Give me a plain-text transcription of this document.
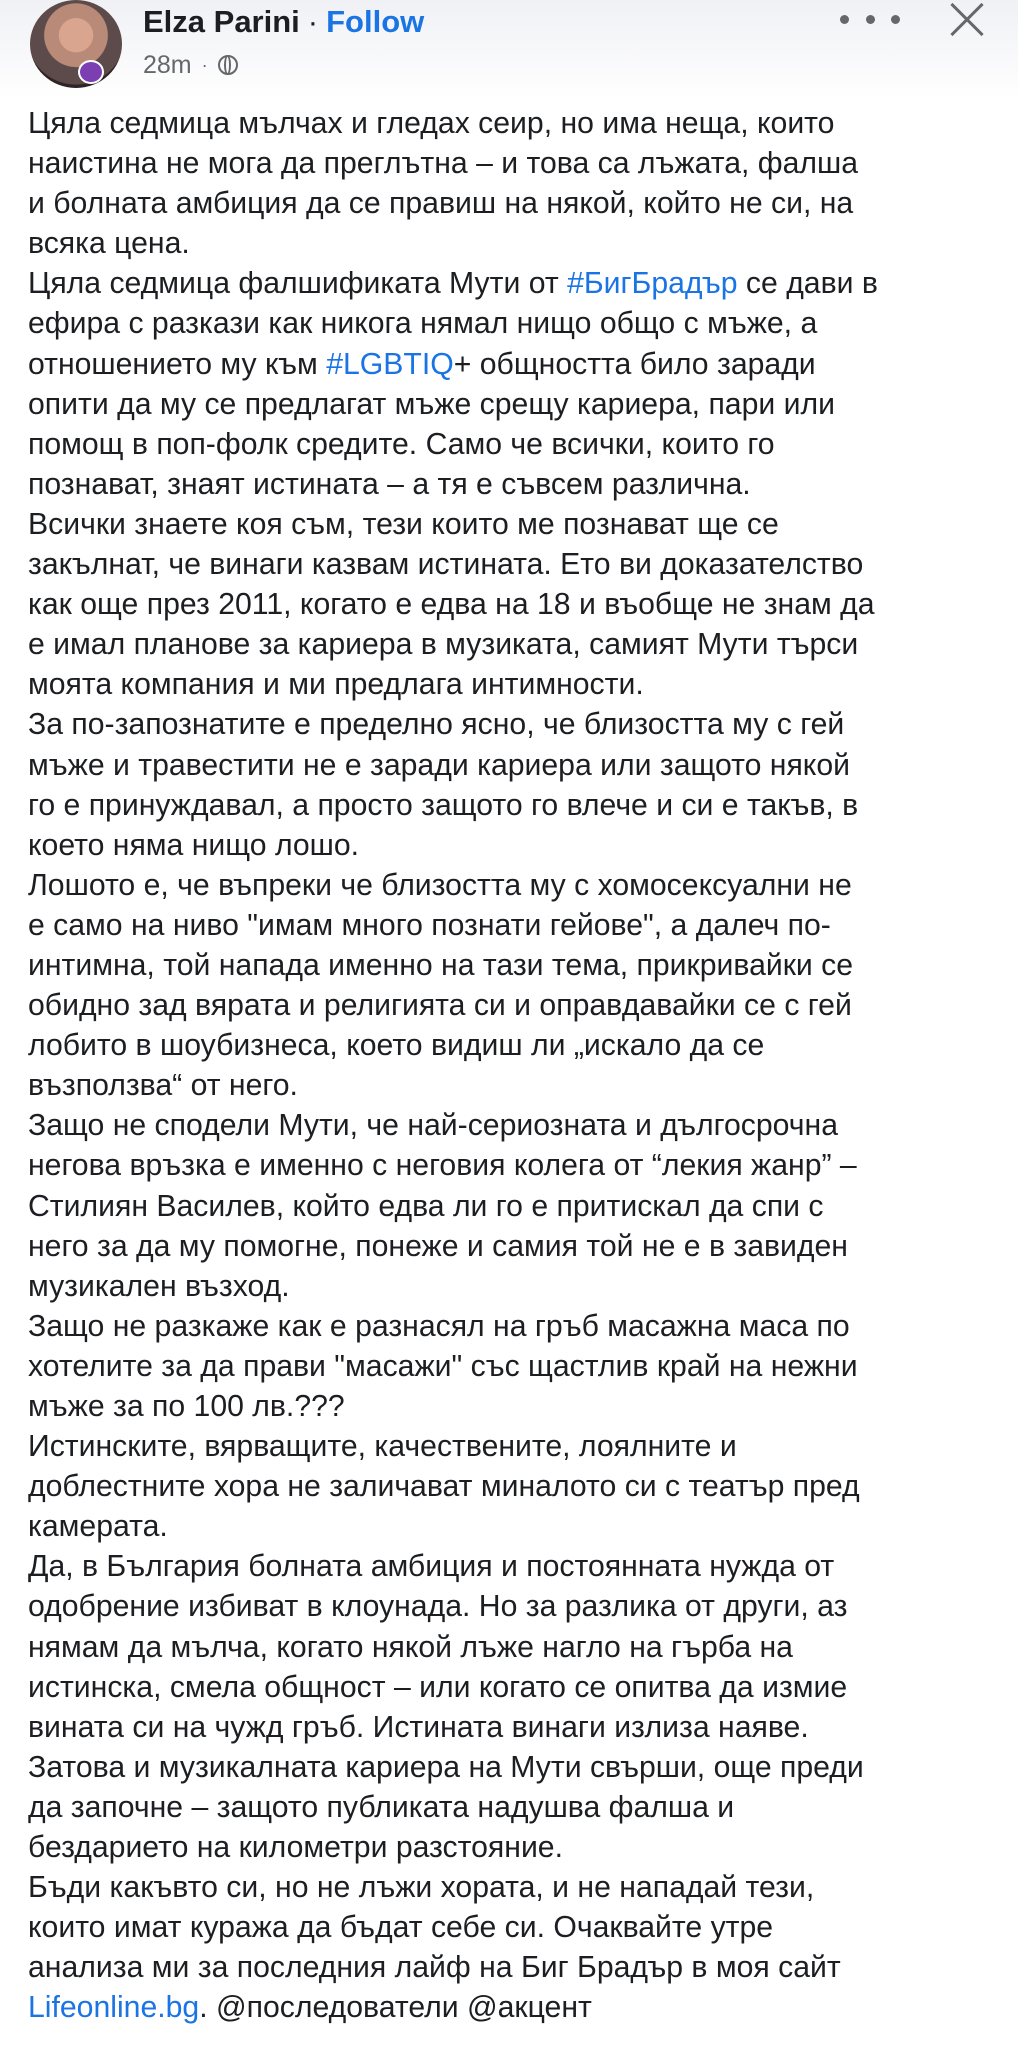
Elza Parini · Follow
28m ·
Цяла седмица мълчах и гледах сеир, но има неща, които
наистина не мога да преглътна – и това са лъжата, фалша
и болната амбиция да се правиш на някой, който не си, на
всяка цена.
Цяла седмица фалшификата Мути от #БигБрадър се дави в
ефира с разкази как никога нямал нищо общо с мъже, а
отношението му към #LGBTIQ+ общността било заради
опити да му се предлагат мъже срещу кариера, пари или
помощ в поп-фолк средите. Само че всички, които го
познават, знаят истината – а тя е съвсем различна.
Всички знаете коя съм, тези които ме познават ще се
закълнат, че винаги казвам истината. Ето ви доказателство
как още през 2011, когато е едва на 18 и въобще не знам да
е имал планове за кариера в музиката, самият Мути търси
моята компания и ми предлага интимности.
За по-запознатите е пределно ясно, че близостта му с гей
мъже и травестити не е заради кариера или защото някой
го е принуждавал, а просто защото го влече и си е такъв, в
което няма нищо лошо.
Лошото е, че въпреки че близостта му с хомосексуални не
е само на ниво "имам много познати гейове", а далеч по-
интимна, той напада именно на тази тема, прикривайки се
обидно зад вярата и религията си и оправдавайки се с гей
лобито в шоубизнеса, което видиш ли „искало да се
възползва“ от него.
Защо не сподели Мути, че най-сериозната и дългосрочна
негова връзка е именно с неговия колега от “лекия жанр” –
Стилиян Василев, който едва ли го е притискал да спи с
него за да му помогне, понеже и самия той не е в завиден
музикален възход.
Защо не разкаже как е разнасял на гръб масажна маса по
хотелите за да прави "масажи" със щастлив край на нежни
мъже за по 100 лв.???
Истинските, вярващите, качествените, лоялните и
доблестните хора не заличават миналото си с театър пред
камерата.
Да, в България болната амбиция и постоянната нужда от
одобрение избиват в клоунада. Но за разлика от други, аз
нямам да мълча, когато някой лъже нагло на гърба на
истинска, смела общност – или когато се опитва да измие
вината си на чужд гръб. Истината винаги излиза наяве.
Затова и музикалната кариера на Мути свърши, още преди
да започне – защото публиката надушва фалша и
бездарието на километри разстояние.
Бъди какъвто си, но не лъжи хората, и не нападай тези,
които имат куража да бъдат себе си. Очаквайте утре
анализа ми за последния лайф на Биг Брадър в моя сайт
Lifeonline.bg. @последователи @акцент
